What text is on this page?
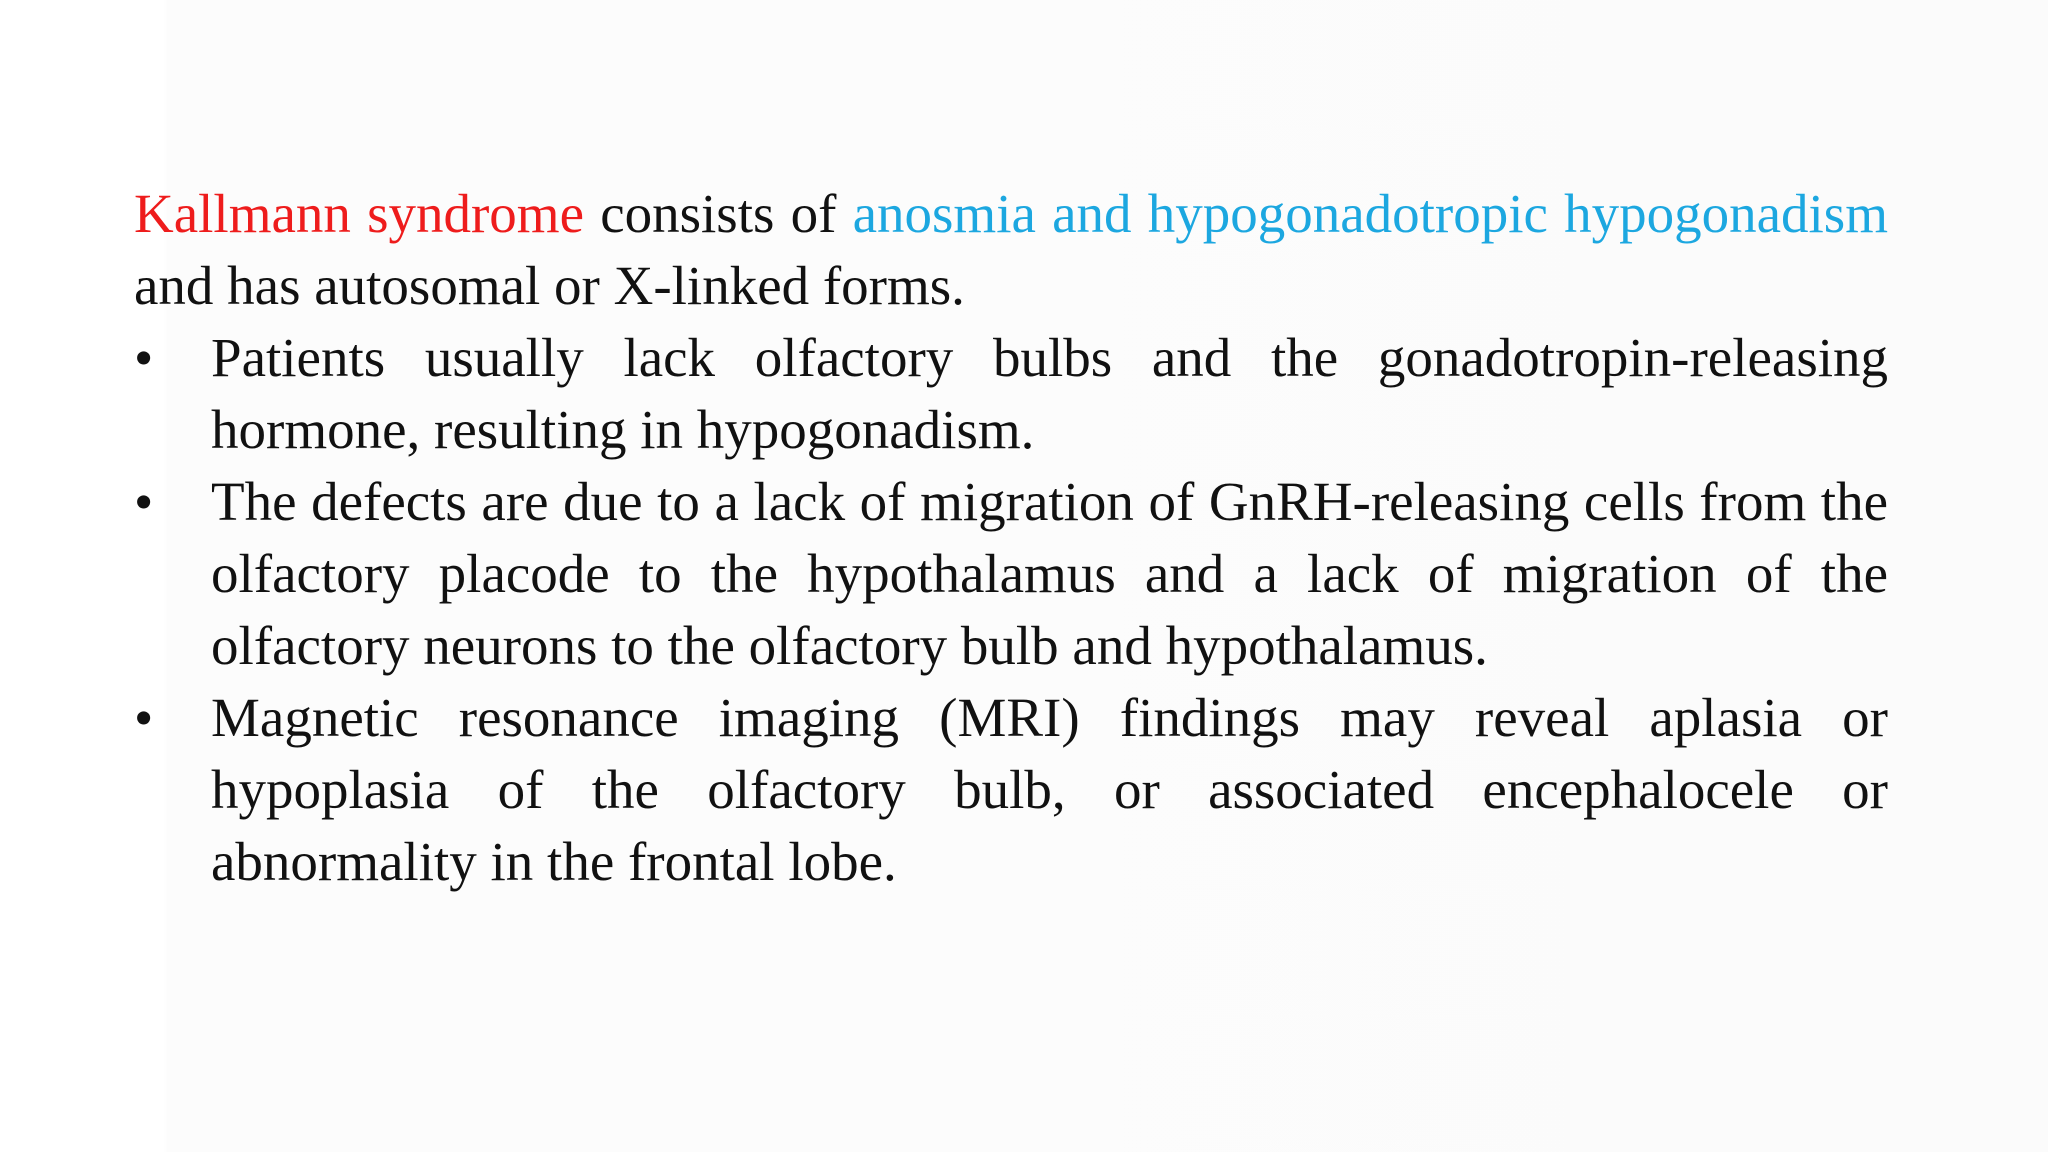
Kallmann syndrome consists of anosmia and hypogonadotropic hypogonadism and has autosomal or X-linked forms.

•	Patients usually lack olfactory bulbs and the gonadotropin-releasing hormone, resulting in hypogonadism.
•	The defects are due to a lack of migration of GnRH-releasing cells from the olfactory placode to the hypothalamus and a lack of migration of the olfactory neurons to the olfactory bulb and hypothalamus.
•	Magnetic resonance imaging (MRI) findings may reveal aplasia or hypoplasia of the olfactory bulb, or associated encephalocele or abnormality in the frontal lobe.
